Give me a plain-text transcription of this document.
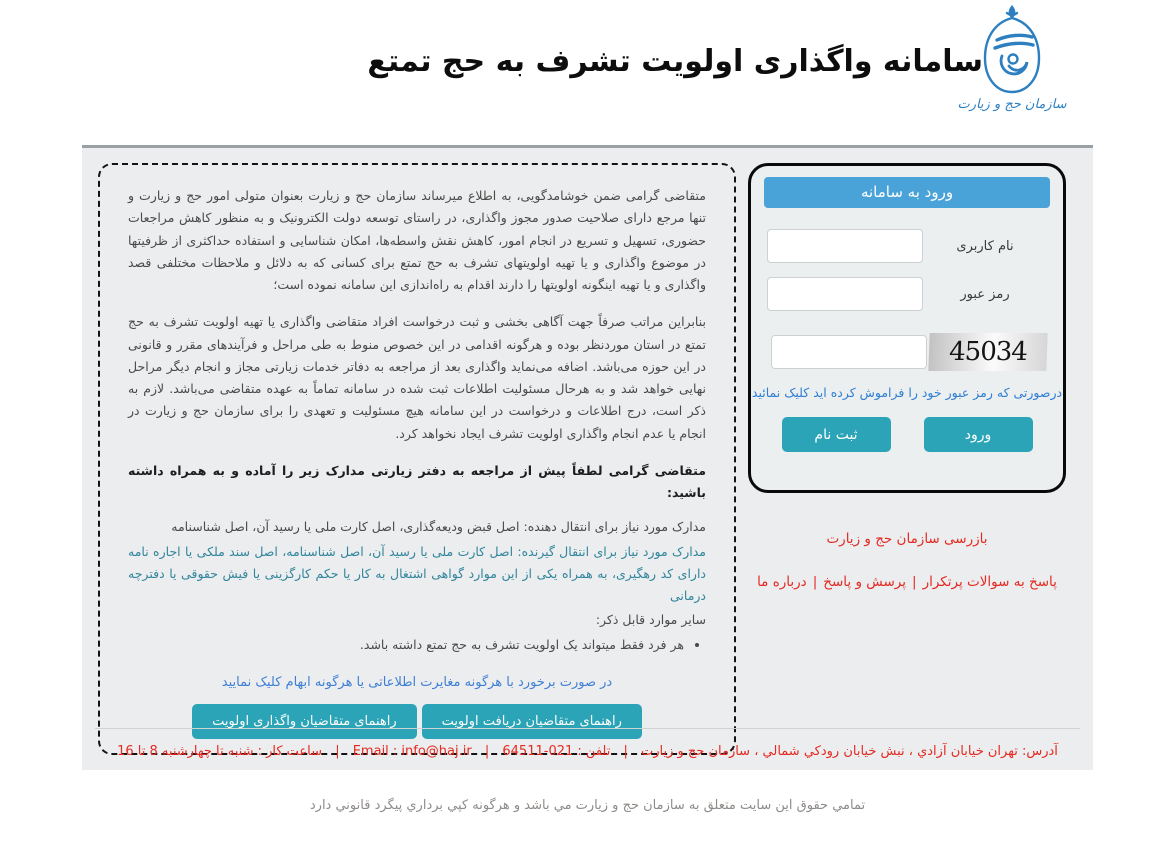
سازمان حج و زیارت
سامانه واگذاری اولویت تشرف به حج تمتع

متقاضی گرامی ضمن خوشامدگویی، به اطلاع میرساند سازمان حج و زیارت بعنوان متولی امور حج و زیارت و تنها مرجع دارای صلاحیت صدور مجوز واگذاری، در راستای توسعه دولت الکترونیک و به منظور کاهش مراجعات حضوری، تسهیل و تسریع در انجام امور، کاهش نقش واسطه‌ها، امکان شناسایی و استفاده حداکثری از ظرفیتها در موضوع واگذاری و یا تهیه اولویتهای تشرف به حج تمتع برای کسانی که به دلائل و ملاحظات مختلفی قصد واگذاری و یا تهیه اینگونه اولویتها را دارند اقدام به راه‌اندازی این سامانه نموده است؛

بنابراین مراتب صرفاً جهت آگاهی بخشی و ثبت درخواست افراد متقاضی واگذاری یا تهیه اولویت تشرف به حج تمتع در استان موردنظر بوده و هرگونه اقدامی در این خصوص منوط به طی مراحل و فرآیندهای مقرر و قانونی در این حوزه می‌باشد. اضافه می‌نماید واگذاری بعد از مراجعه به دفاتر خدمات زیارتی مجاز و انجام دیگر مراحل نهایی خواهد شد و به هرحال مسئولیت اطلاعات ثبت شده در سامانه تماماً به عهده متقاضی می‌باشد. لازم به ذکر است، درج اطلاعات و درخواست در این سامانه هیچ مسئولیت و تعهدی را برای سازمان حج و زیارت در انجام یا عدم انجام واگذاری اولویت تشرف ایجاد نخواهد کرد.

متقاضی گرامی لطفاً پیش از مراجعه به دفتر زیارتی مدارک زیر را آماده و به همراه داشته باشید:

مدارک مورد نیاز برای انتقال دهنده: اصل قبض ودیعه‌گذاری، اصل کارت ملی یا رسید آن، اصل شناسنامه

مدارک مورد نیاز برای انتقال گیرنده: اصل کارت ملی یا رسید آن، اصل شناسنامه، اصل سند ملکی یا اجاره نامه دارای کد رهگیری، به همراه یکی از این موارد گواهی اشتغال به کار یا حکم کارگزینی یا فیش حقوقی یا دفترچه درمانی

سایر موارد قابل ذکر:

• هر فرد فقط میتواند یک اولویت تشرف به حج تمتع داشته باشد.
در صورت برخورد با هرگونه مغایرت اطلاعاتی یا هرگونه ابهام کلیک نمایید
راهنمای متقاضیان دریافت اولویت
راهنمای متقاضیان واگذاری اولویت
ورود به سامانه
نام کاربری
رمز عبور
45034
درصورتی که رمز عبور خود را فراموش کرده اید کلیک نمائید
ورود
ثبت نام
بازرسی سازمان حج و زیارت
پاسخ به سوالات پرتکرار|پرسش و پاسخ|درباره ما
آدرس: تهران خیابان آزادي ، نبش خیابان رودكي شمالي ، سازمان حج و زیارت | تلفن : 021-64511 | Email : info@haj.ir | ساعت کار : شنبه تا چهارشنبه 8 تا 16
تمامي حقوق این سایت متعلق به سازمان حج و زیارت مي باشد و هرگونه كپي برداري پیگرد قانوني دارد
